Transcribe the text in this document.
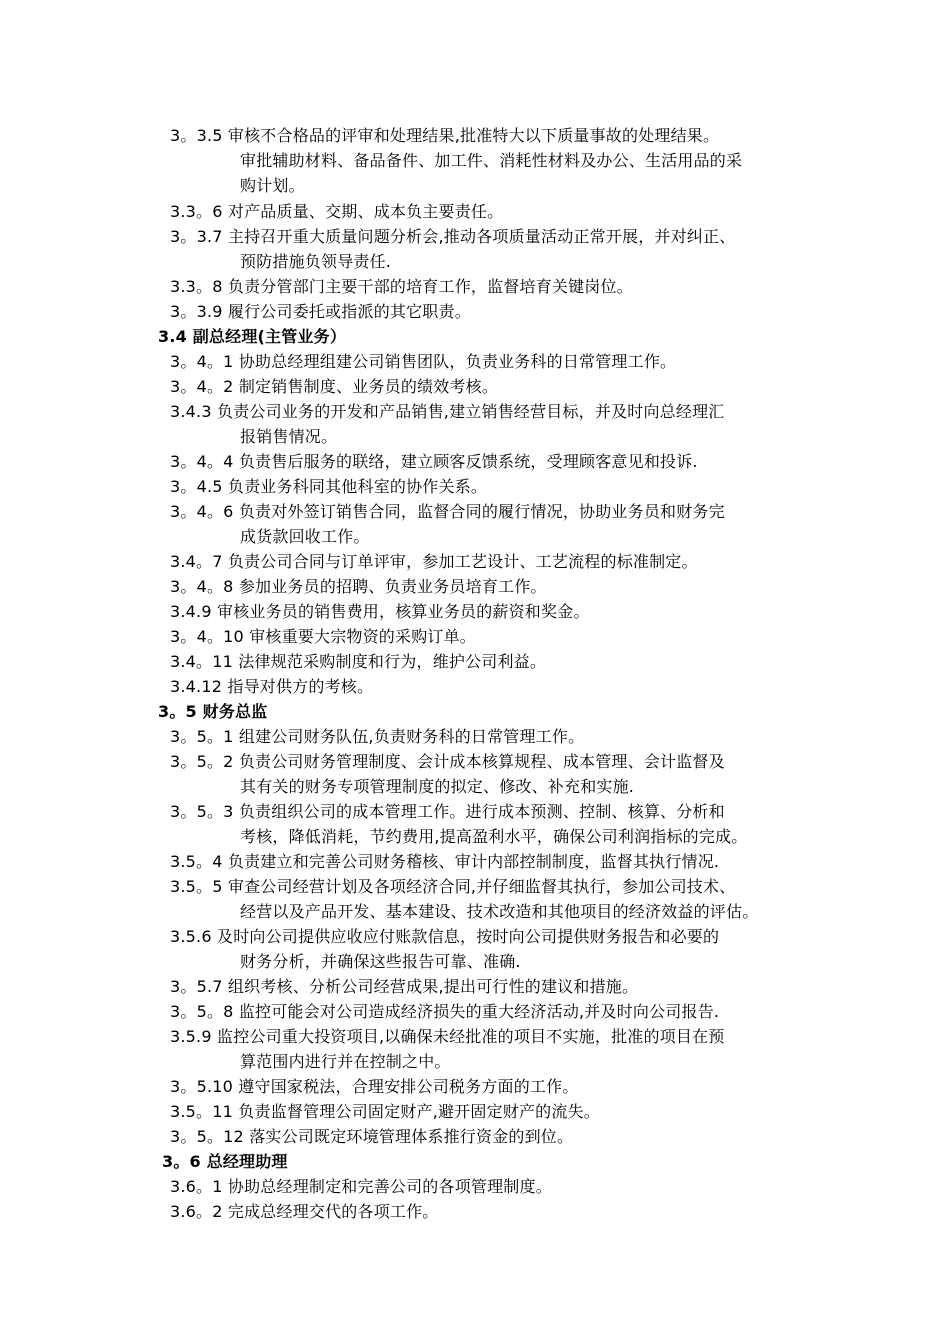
3。3.5 审核不合格品的评审和处理结果,批准特大以下质量事故的处理结果。
审批辅助材料、备品备件、加工件、消耗性材料及办公、生活用品的采
购计划。
3.3。6 对产品质量、交期、成本负主要责任。
3。3.7 主持召开重大质量问题分析会,推动各项质量活动正常开展，并对纠正、
预防措施负领导责任.
3.3。8 负责分管部门主要干部的培育工作，监督培育关键岗位。
3。3.9 履行公司委托或指派的其它职责。
3.4 副总经理(主管业务）
3。4。1 协助总经理组建公司销售团队，负责业务科的日常管理工作。
3。4。2 制定销售制度、业务员的绩效考核。
3.4.3 负责公司业务的开发和产品销售,建立销售经营目标，并及时向总经理汇
报销售情况。
3。4。4 负责售后服务的联络，建立顾客反馈系统，受理顾客意见和投诉.
3。4.5 负责业务科同其他科室的协作关系。
3。4。6 负责对外签订销售合同，监督合同的履行情况，协助业务员和财务完
成货款回收工作。
3.4。7 负责公司合同与订单评审，参加工艺设计、工艺流程的标准制定。
3。4。8 参加业务员的招聘、负责业务员培育工作。
3.4.9 审核业务员的销售费用，核算业务员的薪资和奖金。
3。4。10 审核重要大宗物资的采购订单。
3.4。11 法律规范采购制度和行为，维护公司利益。
3.4.12 指导对供方的考核。
3。5 财务总监
3。5。1 组建公司财务队伍,负责财务科的日常管理工作。
3。5。2 负责公司财务管理制度、会计成本核算规程、成本管理、会计监督及
其有关的财务专项管理制度的拟定、修改、补充和实施.
3。5。3 负责组织公司的成本管理工作。进行成本预测、控制、核算、分析和
考核，降低消耗，节约费用,提高盈利水平，确保公司利润指标的完成。
3.5。4 负责建立和完善公司财务稽核、审计内部控制制度，监督其执行情况.
3.5。5 审查公司经营计划及各项经济合同,并仔细监督其执行，参加公司技术、
经营以及产品开发、基本建设、技术改造和其他项目的经济效益的评估。
3.5.6 及时向公司提供应收应付账款信息，按时向公司提供财务报告和必要的
财务分析，并确保这些报告可靠、准确.
3。5.7 组织考核、分析公司经营成果,提出可行性的建议和措施。
3。5。8 监控可能会对公司造成经济损失的重大经济活动,并及时向公司报告.
3.5.9 监控公司重大投资项目,以确保未经批准的项目不实施，批准的项目在预
算范围内进行并在控制之中。
3。5.10 遵守国家税法，合理安排公司税务方面的工作。
3.5。11 负责监督管理公司固定财产,避开固定财产的流失。
3。5。12 落实公司既定环境管理体系推行资金的到位。
3。6 总经理助理
3.6。1 协助总经理制定和完善公司的各项管理制度。
3.6。2 完成总经理交代的各项工作。
